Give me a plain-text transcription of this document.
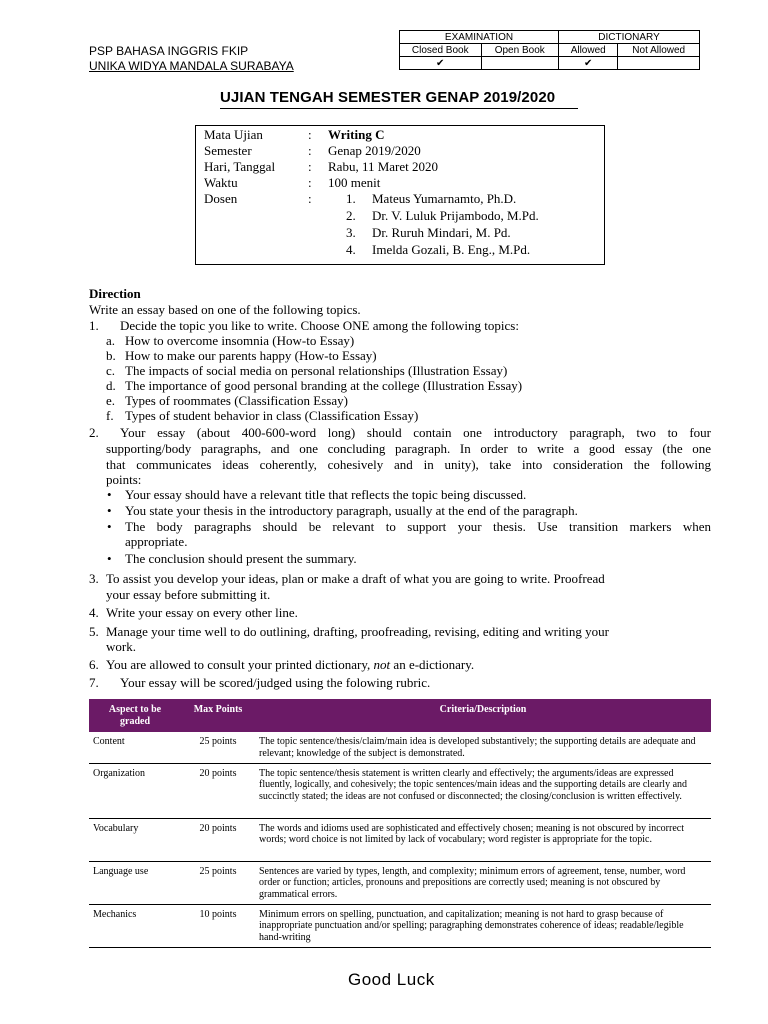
PSP BAHASA INGGRIS FKIP
UNIKA WIDYA MANDALA SURABAYA
EXAMINATION		DICTIONARY	
Closed Book	Open Book	Allowed	Not Allowed
✔		✔	
UJIAN TENGAH SEMESTER GENAP 2019/2020
Mata Ujian	: Writing C
Semester	: Genap 2019/2020
Hari, Tanggal	: Rabu, 11 Maret 2020
Waktu	: 100 menit
Dosen	:	1. Mateus Yumarnamto, Ph.D.
2. Dr. V. Luluk Prijambodo, M.Pd.
3. Dr. Ruruh Mindari, M. Pd.
4. Imelda Gozali, B. Eng., M.Pd.
Direction
Write an essay based on one of the following topics.
1. Decide the topic you like to write. Choose ONE among the following topics:
a. How to overcome insomnia (How-to Essay)
b. How to make our parents happy (How-to Essay)
c. The impacts of social media on personal relationships (Illustration Essay)
d. The importance of good personal branding at the college (Illustration Essay)
e. Types of roommates (Classification Essay)
f. Types of student behavior in class (Classification Essay)
2. Your essay (about 400-600-word long) should contain one introductory paragraph, two to four
supporting/body paragraphs, and one concluding paragraph. In order to write a good essay (the one
that communicates ideas coherently, cohesively and in unity), take into consideration the following
points:
• Your essay should have a relevant title that reflects the topic being discussed.
• You state your thesis in the introductory paragraph, usually at the end of the paragraph.
• The body paragraphs should be relevant to support your thesis. Use transition markers when
appropriate.
• The conclusion should present the summary.
3. To assist you develop your ideas, plan or make a draft of what you are going to write. Proofread
your essay before submitting it.
4. Write your essay on every other line.
5. Manage your time well to do outlining, drafting, proofreading, revising, editing and writing your
work.
6. You are allowed to consult your printed dictionary, not an e-dictionary.
7. Your essay will be scored/judged using the folowing rubric.
Aspect to be graded	Max Points	Criteria/Description
Content	25 points	The topic sentence/thesis/claim/main idea is developed substantively; the supporting details are adequate and relevant; knowledge of the subject is demonstrated.
Organization	20 points	The topic sentence/thesis statement is written clearly and effectively; the arguments/ideas are expressed fluently, logically, and cohesively; the topic sentences/main ideas and the supporting details are clearly and succinctly stated; the ideas are not confused or disconnected; the closing/conclusion is written effectively.
Vocabulary	20 points	The words and idioms used are sophisticated and effectively chosen; meaning is not obscured by incorrect words; word choice is not limited by lack of vocabulary; word register is appropriate for the topic.
Language use	25 points	Sentences are varied by types, length, and complexity; minimum errors of agreement, tense, number, word order or function; articles, pronouns and prepositions are correctly used; meaning is not obscured by grammatical errors.
Mechanics	10 points	Minimum errors on spelling, punctuation, and capitalization; meaning is not hard to grasp because of inappropriate punctuation and/or spelling; paragraphing demonstrates coherence of ideas; readable/legible hand-writing
Good Luck
